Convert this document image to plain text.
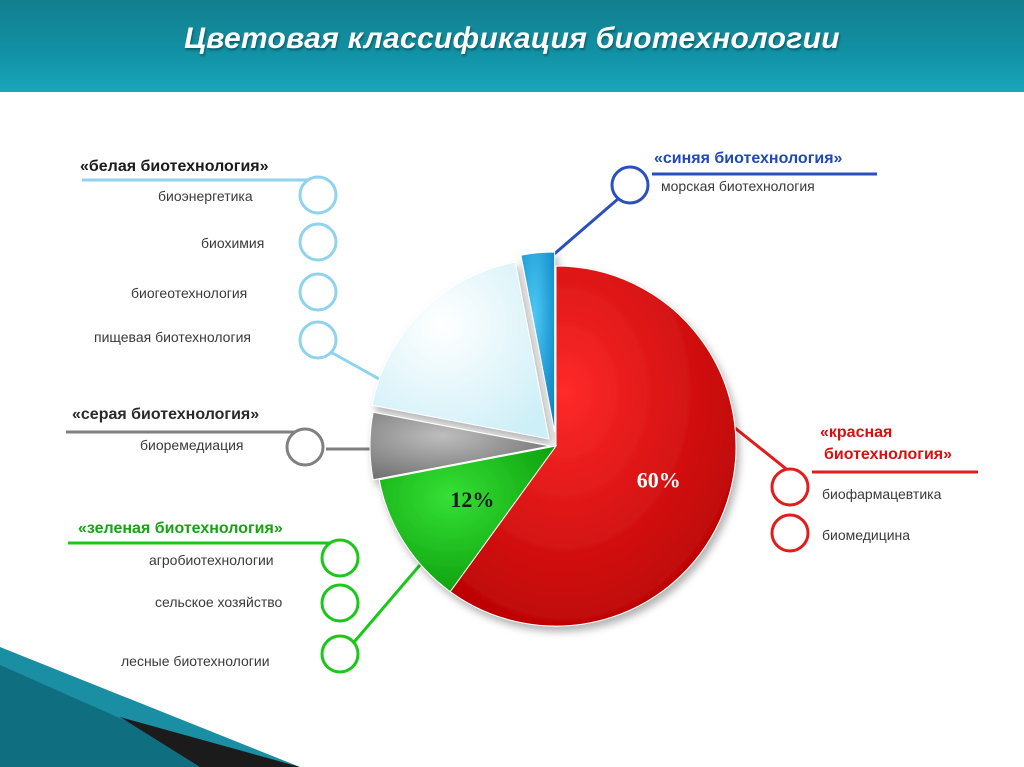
Цветовая классификация биотехнологии
60%
12%
«белая биотехнология»
биоэнергетика
биохимия
биогеотехнология
пищевая биотехнология
«синяя биотехнология»
морская биотехнология
«серая биотехнология»
биоремедиация
«красная
биотехнология»
биофармацевтика
биомедицина
«зеленая биотехнология»
агробиотехнологии
сельское хозяйство
лесные биотехнологии
